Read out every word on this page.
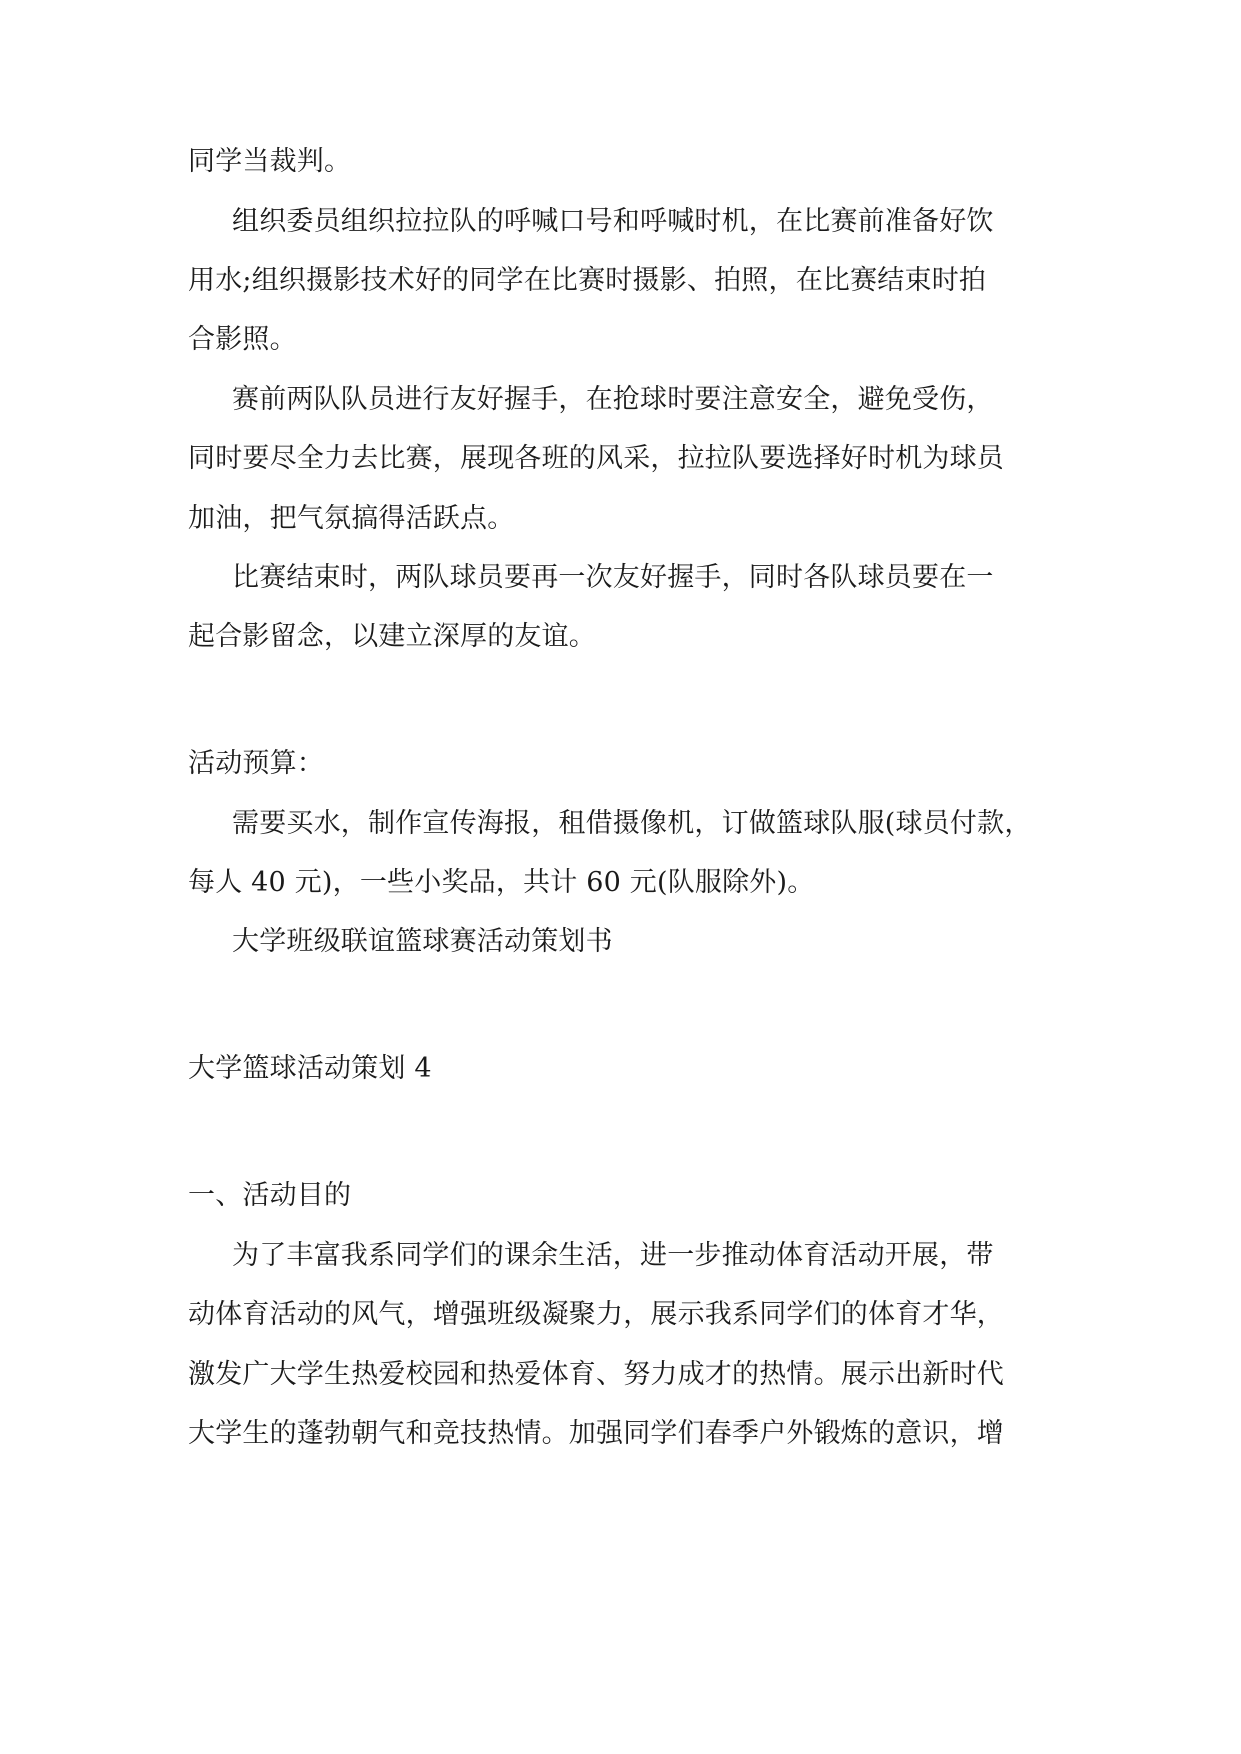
同学当裁判。

组织委员组织拉拉队的呼喊口号和呼喊时机，在比赛前准备好饮

用水;组织摄影技术好的同学在比赛时摄影、拍照，在比赛结束时拍

合影照。

赛前两队队员进行友好握手，在抢球时要注意安全，避免受伤，

同时要尽全力去比赛，展现各班的风采，拉拉队要选择好时机为球员

加油，把气氛搞得活跃点。

比赛结束时，两队球员要再一次友好握手，同时各队球员要在一

起合影留念，以建立深厚的友谊。

活动预算：

需要买水，制作宣传海报，租借摄像机，订做篮球队服(球员付款，

每人 40 元)，一些小奖品，共计 60 元(队服除外)。

大学班级联谊篮球赛活动策划书

大学篮球活动策划 4

一、活动目的

为了丰富我系同学们的课余生活，进一步推动体育活动开展，带

动体育活动的风气，增强班级凝聚力，展示我系同学们的体育才华，

激发广大学生热爱校园和热爱体育、努力成才的热情。展示出新时代

大学生的蓬勃朝气和竞技热情。加强同学们春季户外锻炼的意识，增
